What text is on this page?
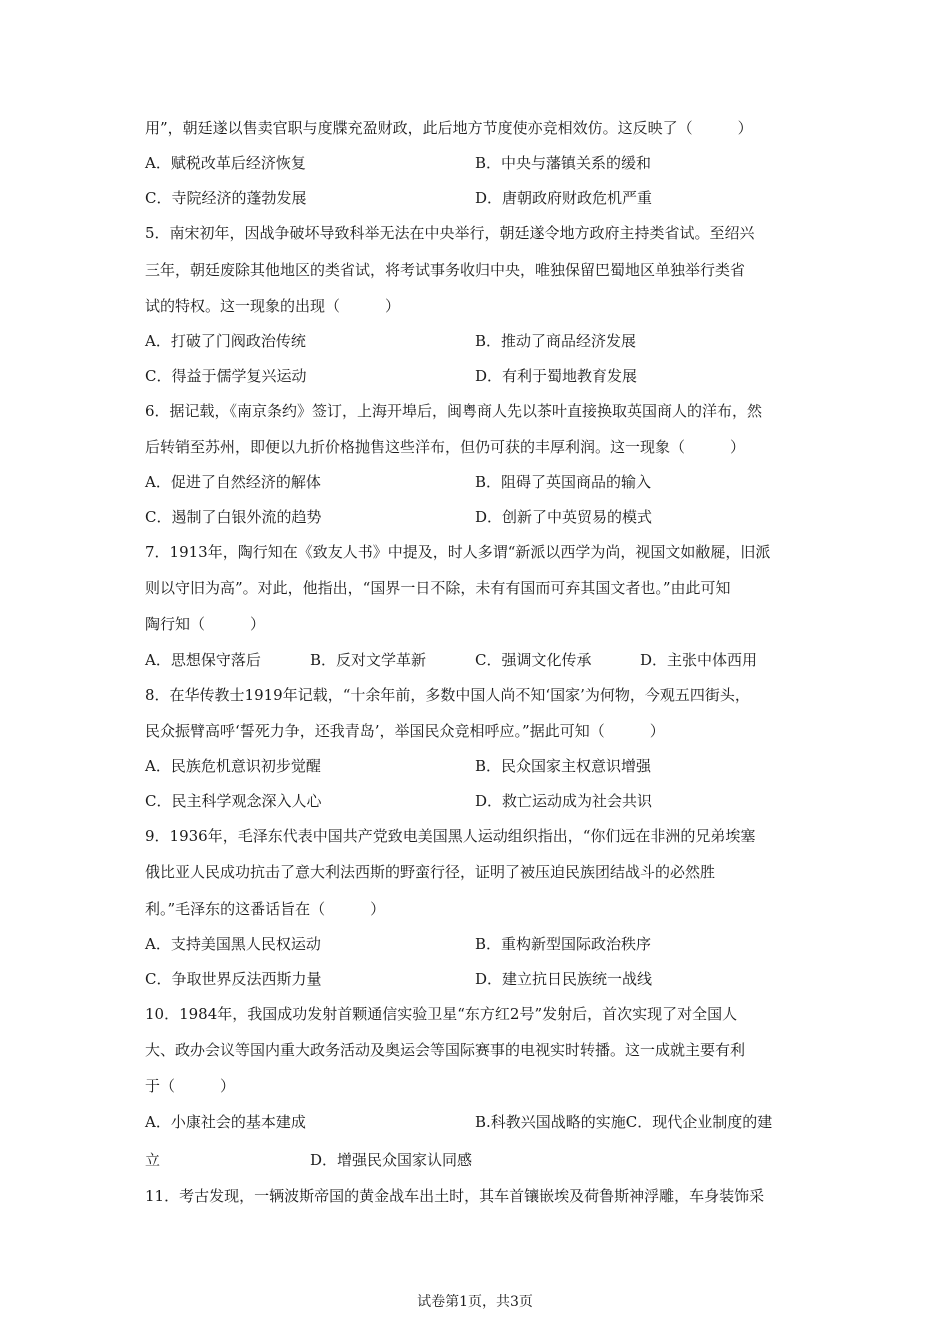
用”，朝廷遂以售卖官职与度牒充盈财政，此后地方节度使亦竞相效仿。这反映了（　　　）
A．赋税改革后经济恢复	B．中央与藩镇关系的缓和
C．寺院经济的蓬勃发展	D．唐朝政府财政危机严重
5．南宋初年，因战争破坏导致科举无法在中央举行，朝廷遂令地方政府主持类省试。至绍兴
三年，朝廷废除其他地区的类省试，将考试事务收归中央，唯独保留巴蜀地区单独举行类省
试的特权。这一现象的出现（　　　）
A．打破了门阀政治传统	B．推动了商品经济发展
C．得益于儒学复兴运动	D．有利于蜀地教育发展
6．据记载，《南京条约》签订，上海开埠后，闽粤商人先以茶叶直接换取英国商人的洋布，然
后转销至苏州，即便以九折价格抛售这些洋布，但仍可获的丰厚利润。这一现象（　　　）
A．促进了自然经济的解体	B．阻碍了英国商品的输入
C．遏制了白银外流的趋势	D．创新了中英贸易的模式
7．1913年，陶行知在《致友人书》中提及，时人多谓“新派以西学为尚，视国文如敝屣，旧派
则以守旧为高”。对此，他指出，“国界一日不除，未有有国而可弃其国文者也。”由此可知
陶行知（　　　）
A．思想保守落后	B．反对文学革新	C．强调文化传承	D．主张中体西用
8．在华传教士1919年记载，“十余年前，多数中国人尚不知‘国家’为何物，今观五四街头，
民众振臂高呼‘誓死力争，还我青岛’，举国民众竞相呼应。”据此可知（　　　）
A．民族危机意识初步觉醒	B．民众国家主权意识增强
C．民主科学观念深入人心	D．救亡运动成为社会共识
9．1936年，毛泽东代表中国共产党致电美国黑人运动组织指出，“你们远在非洲的兄弟埃塞
俄比亚人民成功抗击了意大利法西斯的野蛮行径，证明了被压迫民族团结战斗的必然胜
利。”毛泽东的这番话旨在（　　　）
A．支持美国黑人民权运动	B．重构新型国际政治秩序
C．争取世界反法西斯力量	D．建立抗日民族统一战线
10．1984年，我国成功发射首颗通信实验卫星“东方红2号”发射后，首次实现了对全国人
大、政办会议等国内重大政务活动及奥运会等国际赛事的电视实时转播。这一成就主要有利
于（　　　）
A．小康社会的基本建成	B.科教兴国战略的实施C．现代企业制度的建
立	D．增强民众国家认同感
11．考古发现，一辆波斯帝国的黄金战车出土时，其车首镶嵌埃及荷鲁斯神浮雕，车身装饰采
试卷第1页，共3页
